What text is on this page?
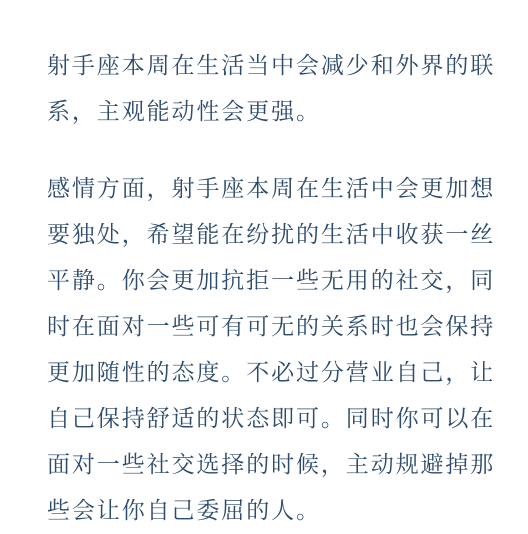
射手座本周在生活当中会减少和外界的联
系，主观能动性会更强。
感情方面，射手座本周在生活中会更加想
要独处，希望能在纷扰的生活中收获一丝
平静。你会更加抗拒一些无用的社交，同
时在面对一些可有可无的关系时也会保持
更加随性的态度。不必过分营业自己，让
自己保持舒适的状态即可。同时你可以在
面对一些社交选择的时候，主动规避掉那
些会让你自己委屈的人。
